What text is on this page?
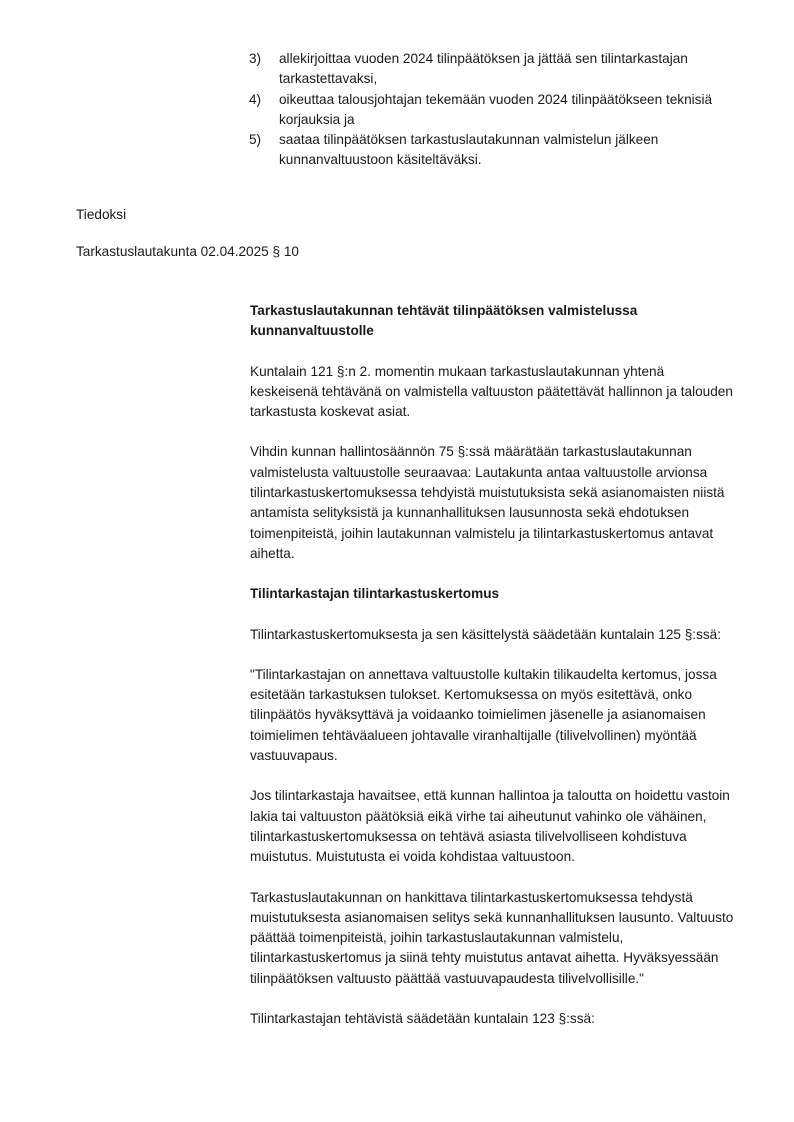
3)	allekirjoittaa vuoden 2024 tilinpäätöksen ja jättää sen tilintarkastajan tarkastettavaksi,
4)	oikeuttaa talousjohtajan tekemään vuoden 2024 tilinpäätökseen teknisiä korjauksia ja
5)	saataa tilinpäätöksen tarkastuslautakunnan valmistelun jälkeen kunnanvaltuustoon käsiteltäväksi.

Tiedoksi

Tarkastuslautakunta 02.04.2025 § 10

Tarkastuslautakunnan tehtävät tilinpäätöksen valmistelussa kunnanvaltuustolle

Kuntalain 121 §:n 2. momentin mukaan tarkastuslautakunnan yhtenä keskeisenä tehtävänä on valmistella valtuuston päätettävät hallinnon ja talouden tarkastusta koskevat asiat.

Vihdin kunnan hallintosäännön 75 §:ssä määrätään tarkastuslautakunnan valmistelusta valtuustolle seuraavaa: Lautakunta antaa valtuustolle arvionsa tilintarkastuskertomuksessa tehdyistä muistutuksista sekä asianomaisten niistä antamista selityksistä ja kunnanhallituksen lausunnosta sekä ehdotuksen toimenpiteistä, joihin lautakunnan valmistelu ja tilintarkastuskertomus antavat aihetta.

Tilintarkastajan tilintarkastuskertomus

Tilintarkastuskertomuksesta ja sen käsittelystä säädetään kuntalain 125 §:ssä:

"Tilintarkastajan on annettava valtuustolle kultakin tilikaudelta kertomus, jossa esitetään tarkastuksen tulokset. Kertomuksessa on myös esitettävä, onko tilinpäätös hyväksyttävä ja voidaanko toimielimen jäsenelle ja asianomaisen toimielimen tehtäväalueen johtavalle viranhaltijalle (tilivelvollinen) myöntää vastuuvapaus.

Jos tilintarkastaja havaitsee, että kunnan hallintoa ja taloutta on hoidettu vastoin lakia tai valtuuston päätöksiä eikä virhe tai aiheutunut vahinko ole vähäinen, tilintarkastuskertomuksessa on tehtävä asiasta tilivelvolliseen kohdistuva muistutus. Muistutusta ei voida kohdistaa valtuustoon.

Tarkastuslautakunnan on hankittava tilintarkastuskertomuksessa tehdystä muistutuksesta asianomaisen selitys sekä kunnanhallituksen lausunto. Valtuusto päättää toimenpiteistä, joihin tarkastuslautakunnan valmistelu, tilintarkastuskertomus ja siinä tehty muistutus antavat aihetta. Hyväksyessään tilinpäätöksen valtuusto päättää vastuuvapaudesta tilivelvollisille."

Tilintarkastajan tehtävistä säädetään kuntalain 123 §:ssä:
